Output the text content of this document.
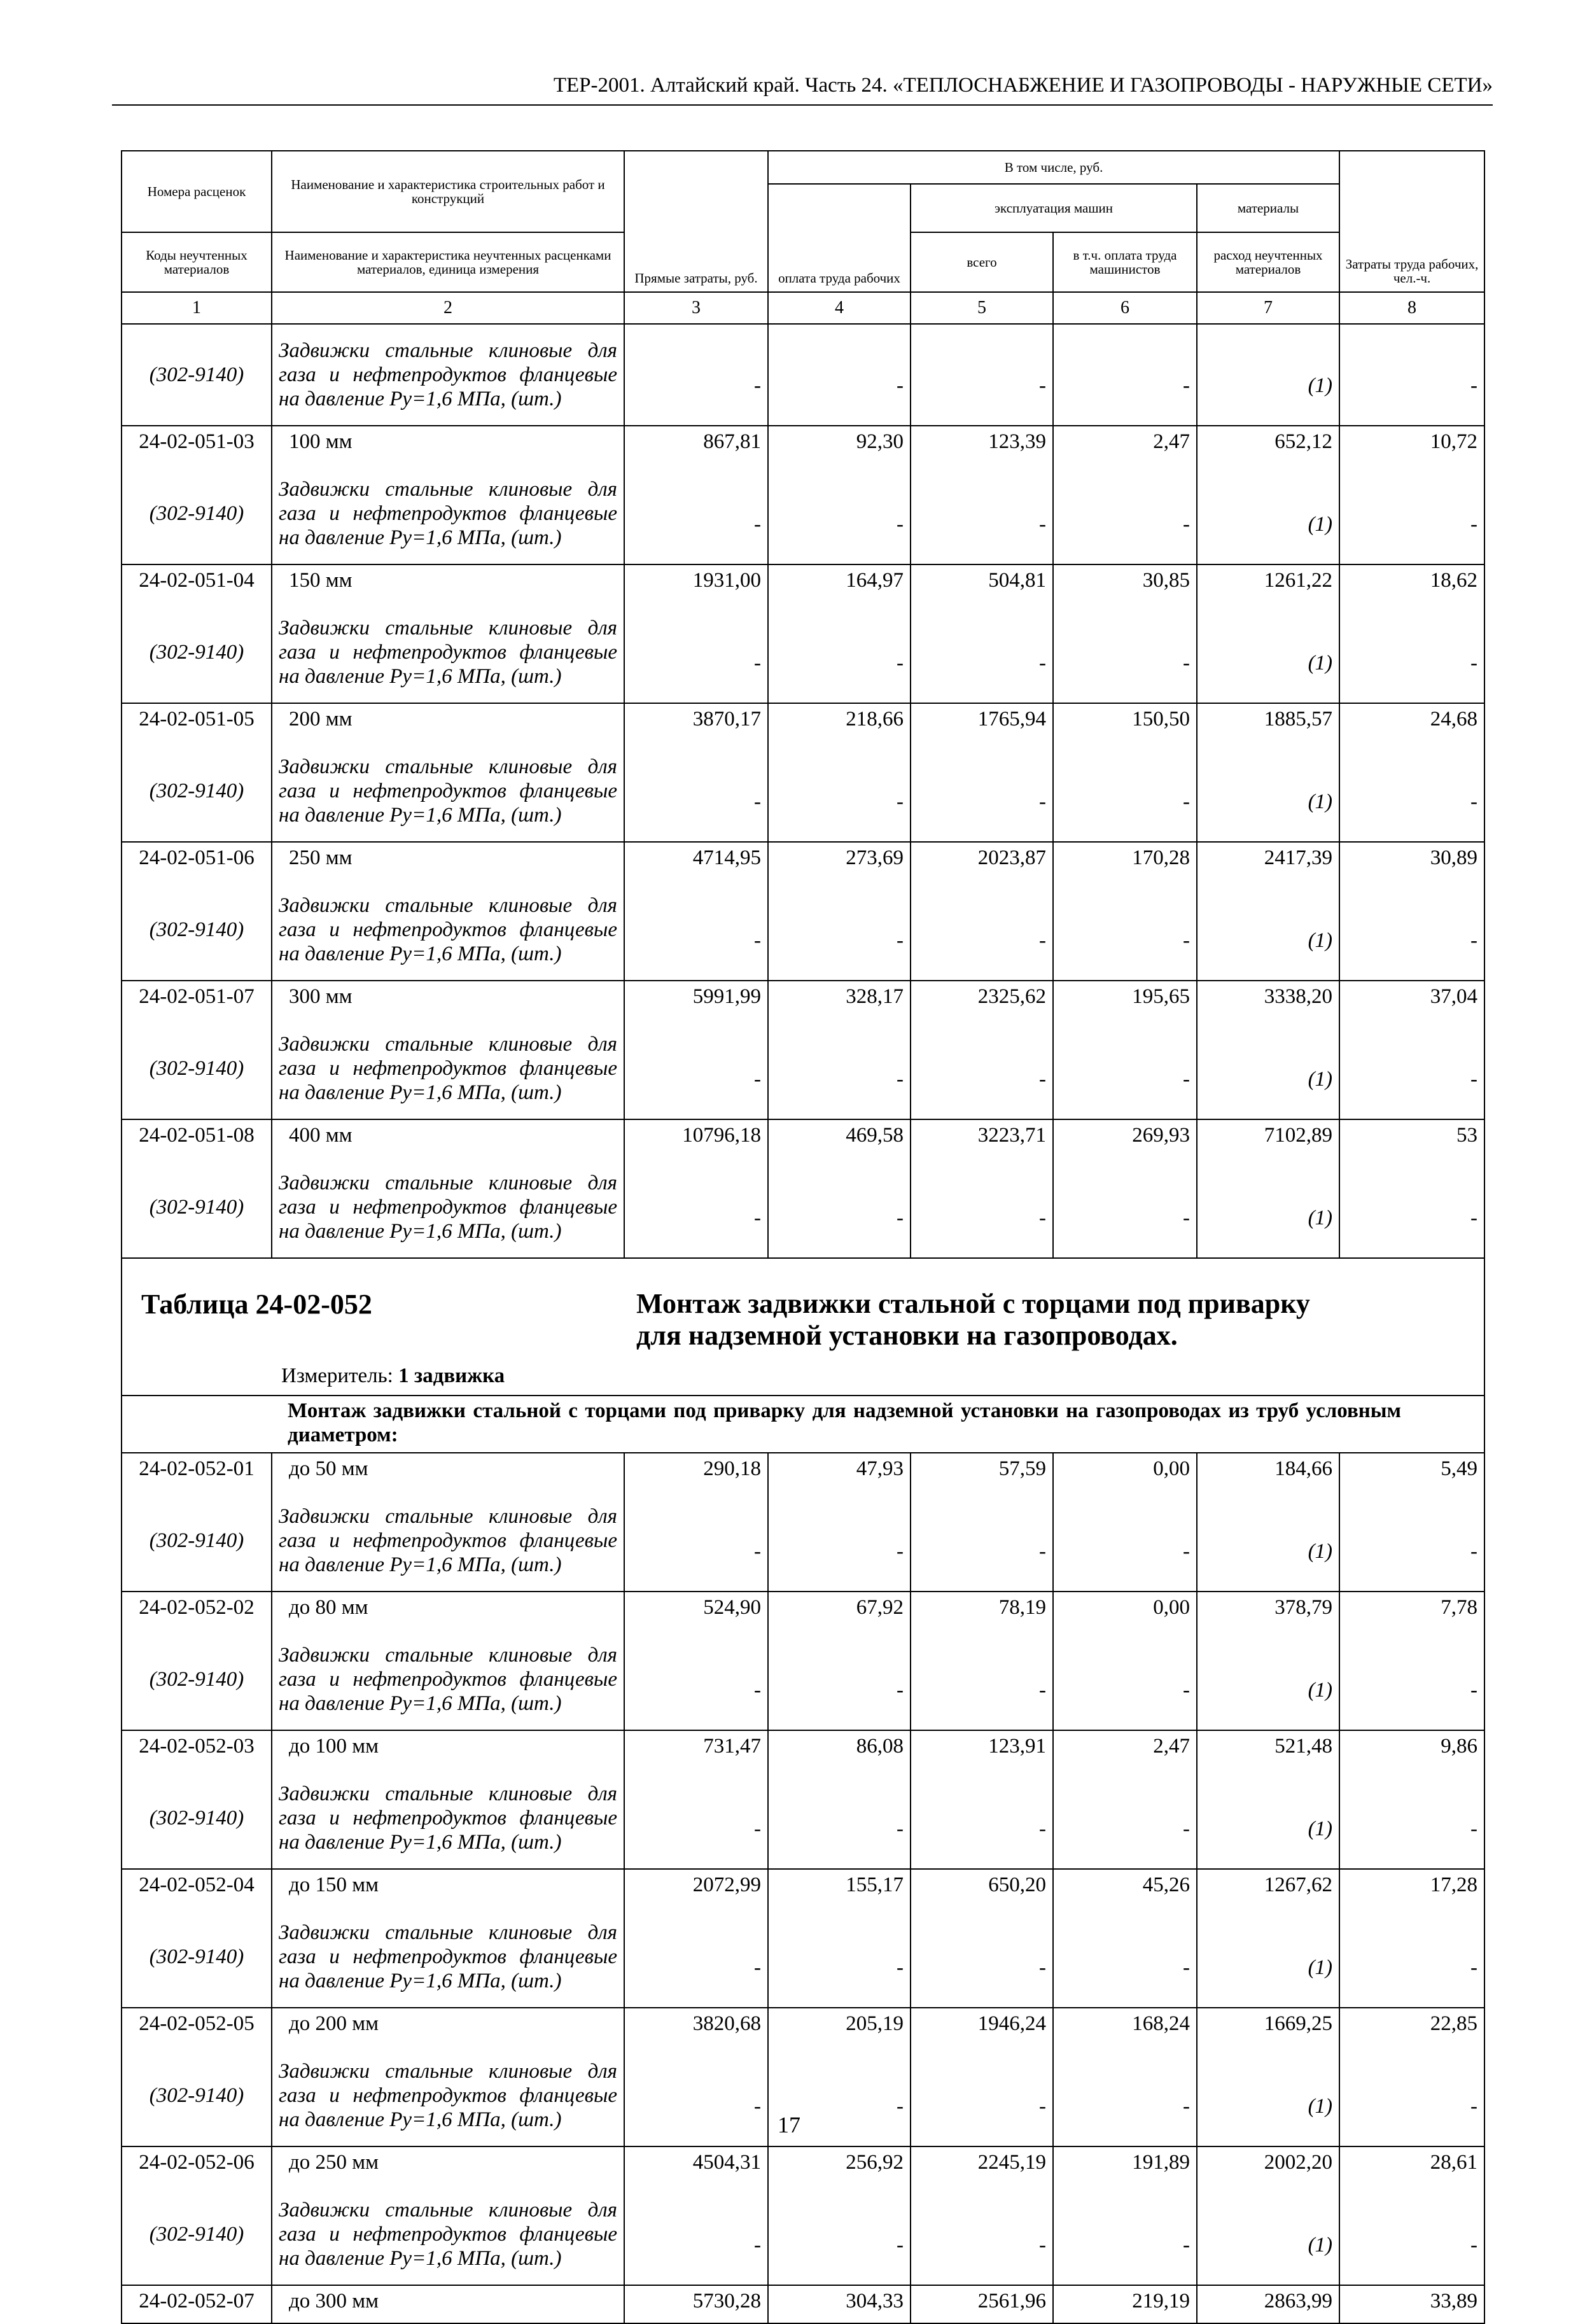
ТЕР-2001. Алтайский край. Часть 24. «ТЕПЛОСНАБЖЕНИЕ И ГАЗОПРОВОДЫ - НАРУЖНЫЕ СЕТИ»
Номера расценок	Наименование и характеристика строительных работ и конструкций	Прямые затраты, руб.	В том числе, руб.				Затраты труда рабочих, чел.-ч.
			оплата труда рабочих	эксплуатация машин		материалы	
Коды неучтенных материалов	Наименование и характеристика неучтенных расценками материалов, единица измерения			всего	в т.ч. оплата труда машинистов	расход неучтенных материалов	
1	2	3	4	5	6	7	8
(302-9140)	Задвижки стальные клиновые для газа и нефтепродуктов фланцевые на давление Ру=1,6 МПа, (шт.)	-	-	-	-	(1)	-
24-02-051-03	100 мм	867,81	92,30	123,39	2,47	652,12	10,72
(302-9140)	Задвижки стальные клиновые для газа и нефтепродуктов фланцевые на давление Ру=1,6 МПа, (шт.)	-	-	-	-	(1)	-
24-02-051-04	150 мм	1931,00	164,97	504,81	30,85	1261,22	18,62
(302-9140)	Задвижки стальные клиновые для газа и нефтепродуктов фланцевые на давление Ру=1,6 МПа, (шт.)	-	-	-	-	(1)	-
24-02-051-05	200 мм	3870,17	218,66	1765,94	150,50	1885,57	24,68
(302-9140)	Задвижки стальные клиновые для газа и нефтепродуктов фланцевые на давление Ру=1,6 МПа, (шт.)	-	-	-	-	(1)	-
24-02-051-06	250 мм	4714,95	273,69	2023,87	170,28	2417,39	30,89
(302-9140)	Задвижки стальные клиновые для газа и нефтепродуктов фланцевые на давление Ру=1,6 МПа, (шт.)	-	-	-	-	(1)	-
24-02-051-07	300 мм	5991,99	328,17	2325,62	195,65	3338,20	37,04
(302-9140)	Задвижки стальные клиновые для газа и нефтепродуктов фланцевые на давление Ру=1,6 МПа, (шт.)	-	-	-	-	(1)	-
24-02-051-08	400 мм	10796,18	469,58	3223,71	269,93	7102,89	53
(302-9140)	Задвижки стальные клиновые для газа и нефтепродуктов фланцевые на давление Ру=1,6 МПа, (шт.)	-	-	-	-	(1)	-

Таблица 24-02-052 Монтаж задвижки стальной с торцами под приварку
для надземной установки на газопроводах.
Измеритель: 1 задвижка							

Монтаж задвижки стальной с торцами под приварку для надземной установки на газопроводах из труб условным диаметром:							

24-02-052-01	до 50 мм	290,18	47,93	57,59	0,00	184,66	5,49
(302-9140)	Задвижки стальные клиновые для газа и нефтепродуктов фланцевые на давление Ру=1,6 МПа, (шт.)	-	-	-	-	(1)	-
24-02-052-02	до 80 мм	524,90	67,92	78,19	0,00	378,79	7,78
(302-9140)	Задвижки стальные клиновые для газа и нефтепродуктов фланцевые на давление Ру=1,6 МПа, (шт.)	-	-	-	-	(1)	-
24-02-052-03	до 100 мм	731,47	86,08	123,91	2,47	521,48	9,86
(302-9140)	Задвижки стальные клиновые для газа и нефтепродуктов фланцевые на давление Ру=1,6 МПа, (шт.)	-	-	-	-	(1)	-
24-02-052-04	до 150 мм	2072,99	155,17	650,20	45,26	1267,62	17,28
(302-9140)	Задвижки стальные клиновые для газа и нефтепродуктов фланцевые на давление Ру=1,6 МПа, (шт.)	-	-	-	-	(1)	-
24-02-052-05	до 200 мм	3820,68	205,19	1946,24	168,24	1669,25	22,85
(302-9140)	Задвижки стальные клиновые для газа и нефтепродуктов фланцевые на давление Ру=1,6 МПа, (шт.)	-	-	-	-	(1)	-
24-02-052-06	до 250 мм	4504,31	256,92	2245,19	191,89	2002,20	28,61
(302-9140)	Задвижки стальные клиновые для газа и нефтепродуктов фланцевые на давление Ру=1,6 МПа, (шт.)	-	-	-	-	(1)	-
24-02-052-07	до 300 мм	5730,28	304,33	2561,96	219,19	2863,99	33,89
17
